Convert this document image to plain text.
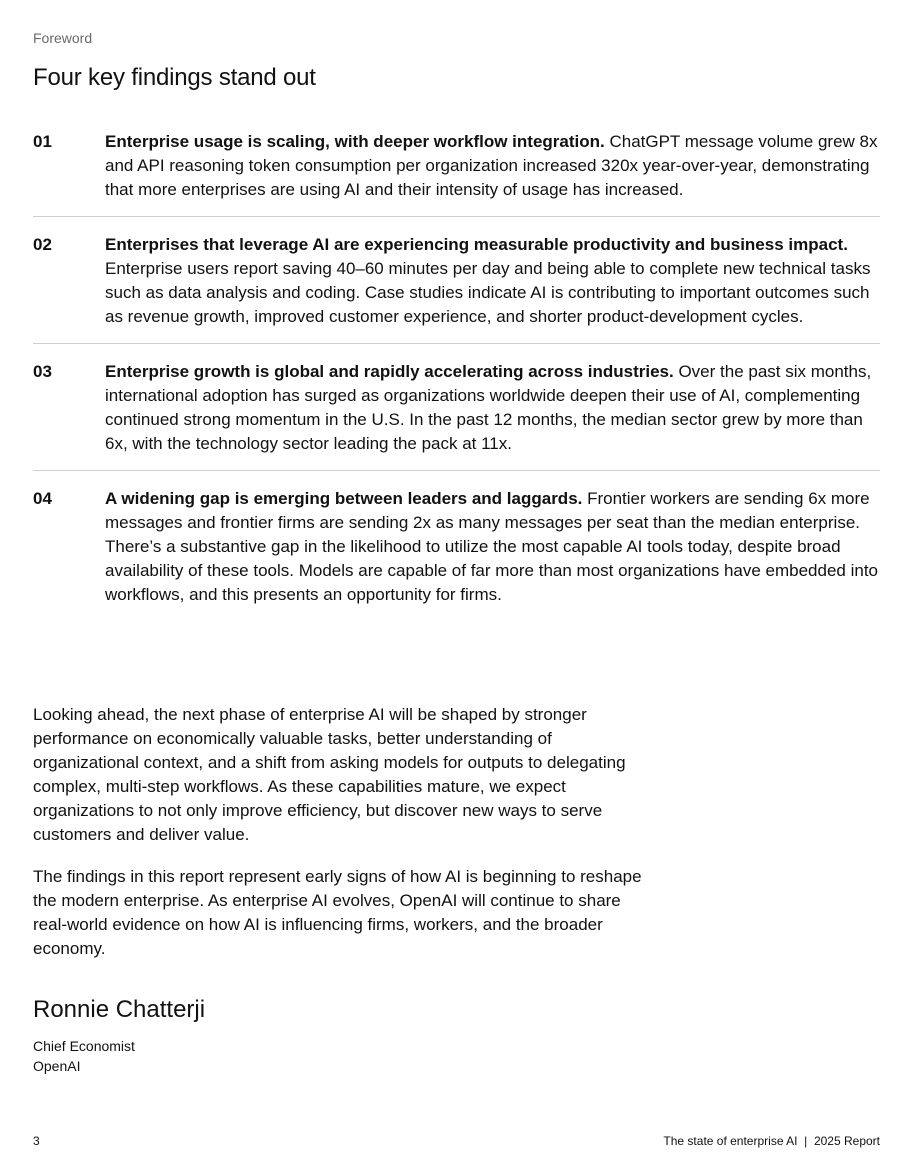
Foreword
Four key findings stand out
01	Enterprise usage is scaling, with deeper workflow integration. ChatGPT message volume grew 8x and API reasoning token consumption per organization increased 320x year-over-year, demonstrating that more enterprises are using AI and their intensity of usage has increased.
02	Enterprises that leverage AI are experiencing measurable productivity and business impact. Enterprise users report saving 40–60 minutes per day and being able to complete new technical tasks such as data analysis and coding. Case studies indicate AI is contributing to important outcomes such as revenue growth, improved customer experience, and shorter product-development cycles.
03	Enterprise growth is global and rapidly accelerating across industries. Over the past six months, international adoption has surged as organizations worldwide deepen their use of AI, complementing continued strong momentum in the U.S. In the past 12 months, the median sector grew by more than 6x, with the technology sector leading the pack at 11x.
04	A widening gap is emerging between leaders and laggards. Frontier workers are sending 6x more messages and frontier firms are sending 2x as many messages per seat than the median enterprise. There’s a substantive gap in the likelihood to utilize the most capable AI tools today, despite broad availability of these tools. Models are capable of far more than most organizations have embedded into workflows, and this presents an opportunity for firms.

Looking ahead, the next phase of enterprise AI will be shaped by stronger performance on economically valuable tasks, better understanding of organizational context, and a shift from asking models for outputs to delegating complex, multi-step workflows. As these capabilities mature, we expect organizations to not only improve efficiency, but discover new ways to serve customers and deliver value.

The findings in this report represent early signs of how AI is beginning to reshape the modern enterprise. As enterprise AI evolves, OpenAI will continue to share real-world evidence on how AI is influencing firms, workers, and the broader economy.

Ronnie Chatterji
Chief Economist
OpenAI
3	The state of enterprise AI  |  2025 Report
